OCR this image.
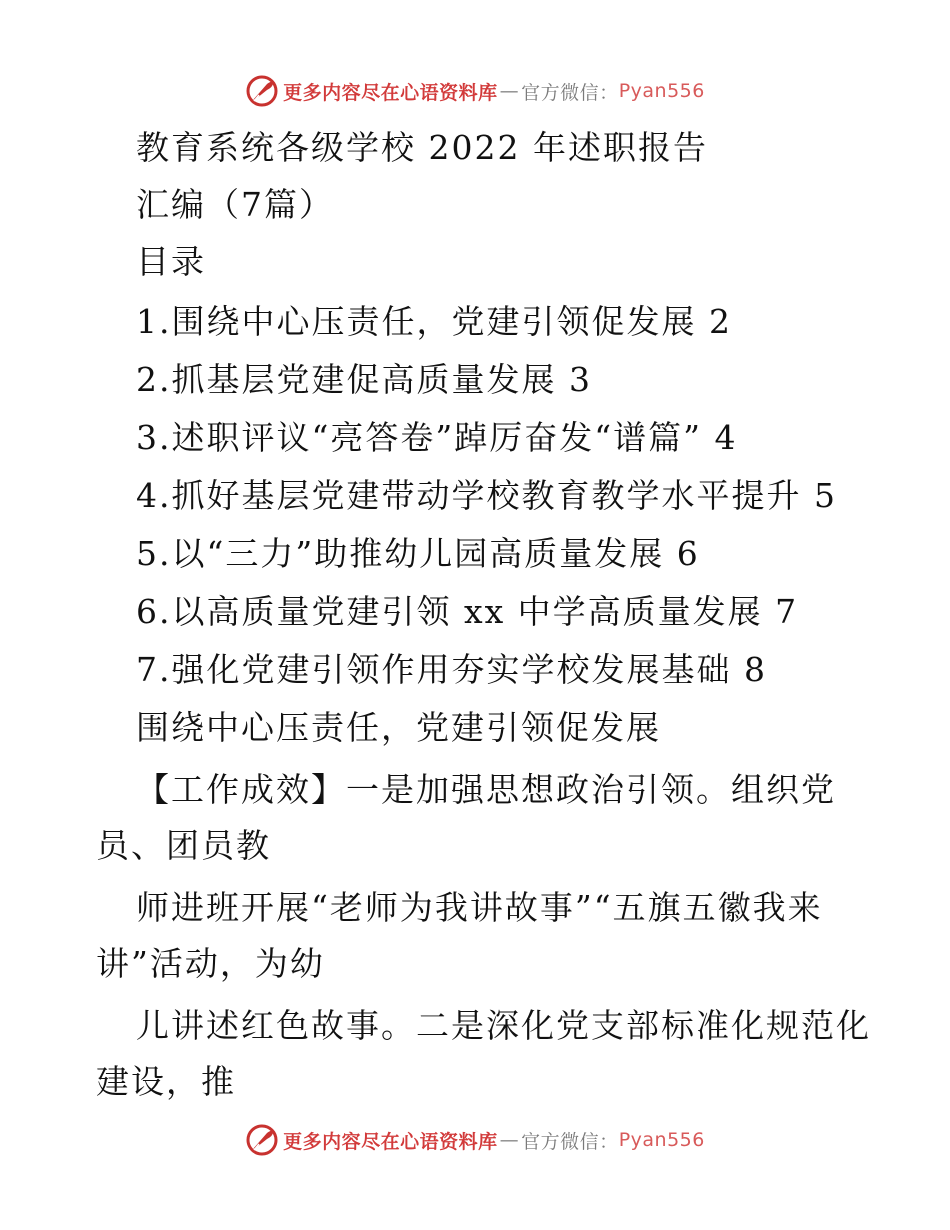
更多内容尽在心语资料库 — 官方微信： Pyan556
教育系统各级学校 2022 年述职报告
汇编（7篇）
目录
1.围绕中心压责任，党建引领促发展 2
2.抓基层党建促高质量发展 3
3.述职评议“亮答卷”踔厉奋发“谱篇” 4
4.抓好基层党建带动学校教育教学水平提升 5
5.以“三力”助推幼儿园高质量发展 6
6.以高质量党建引领 xx 中学高质量发展 7
7.强化党建引领作用夯实学校发展基础 8
围绕中心压责任，党建引领促发展
【工作成效】一是加强思想政治引领。组织党
员、团员教
师进班开展“老师为我讲故事”“五旗五徽我来
讲”活动，为幼
儿讲述红色故事。二是深化党支部标准化规范化
建设，推
更多内容尽在心语资料库 — 官方微信： Pyan556
